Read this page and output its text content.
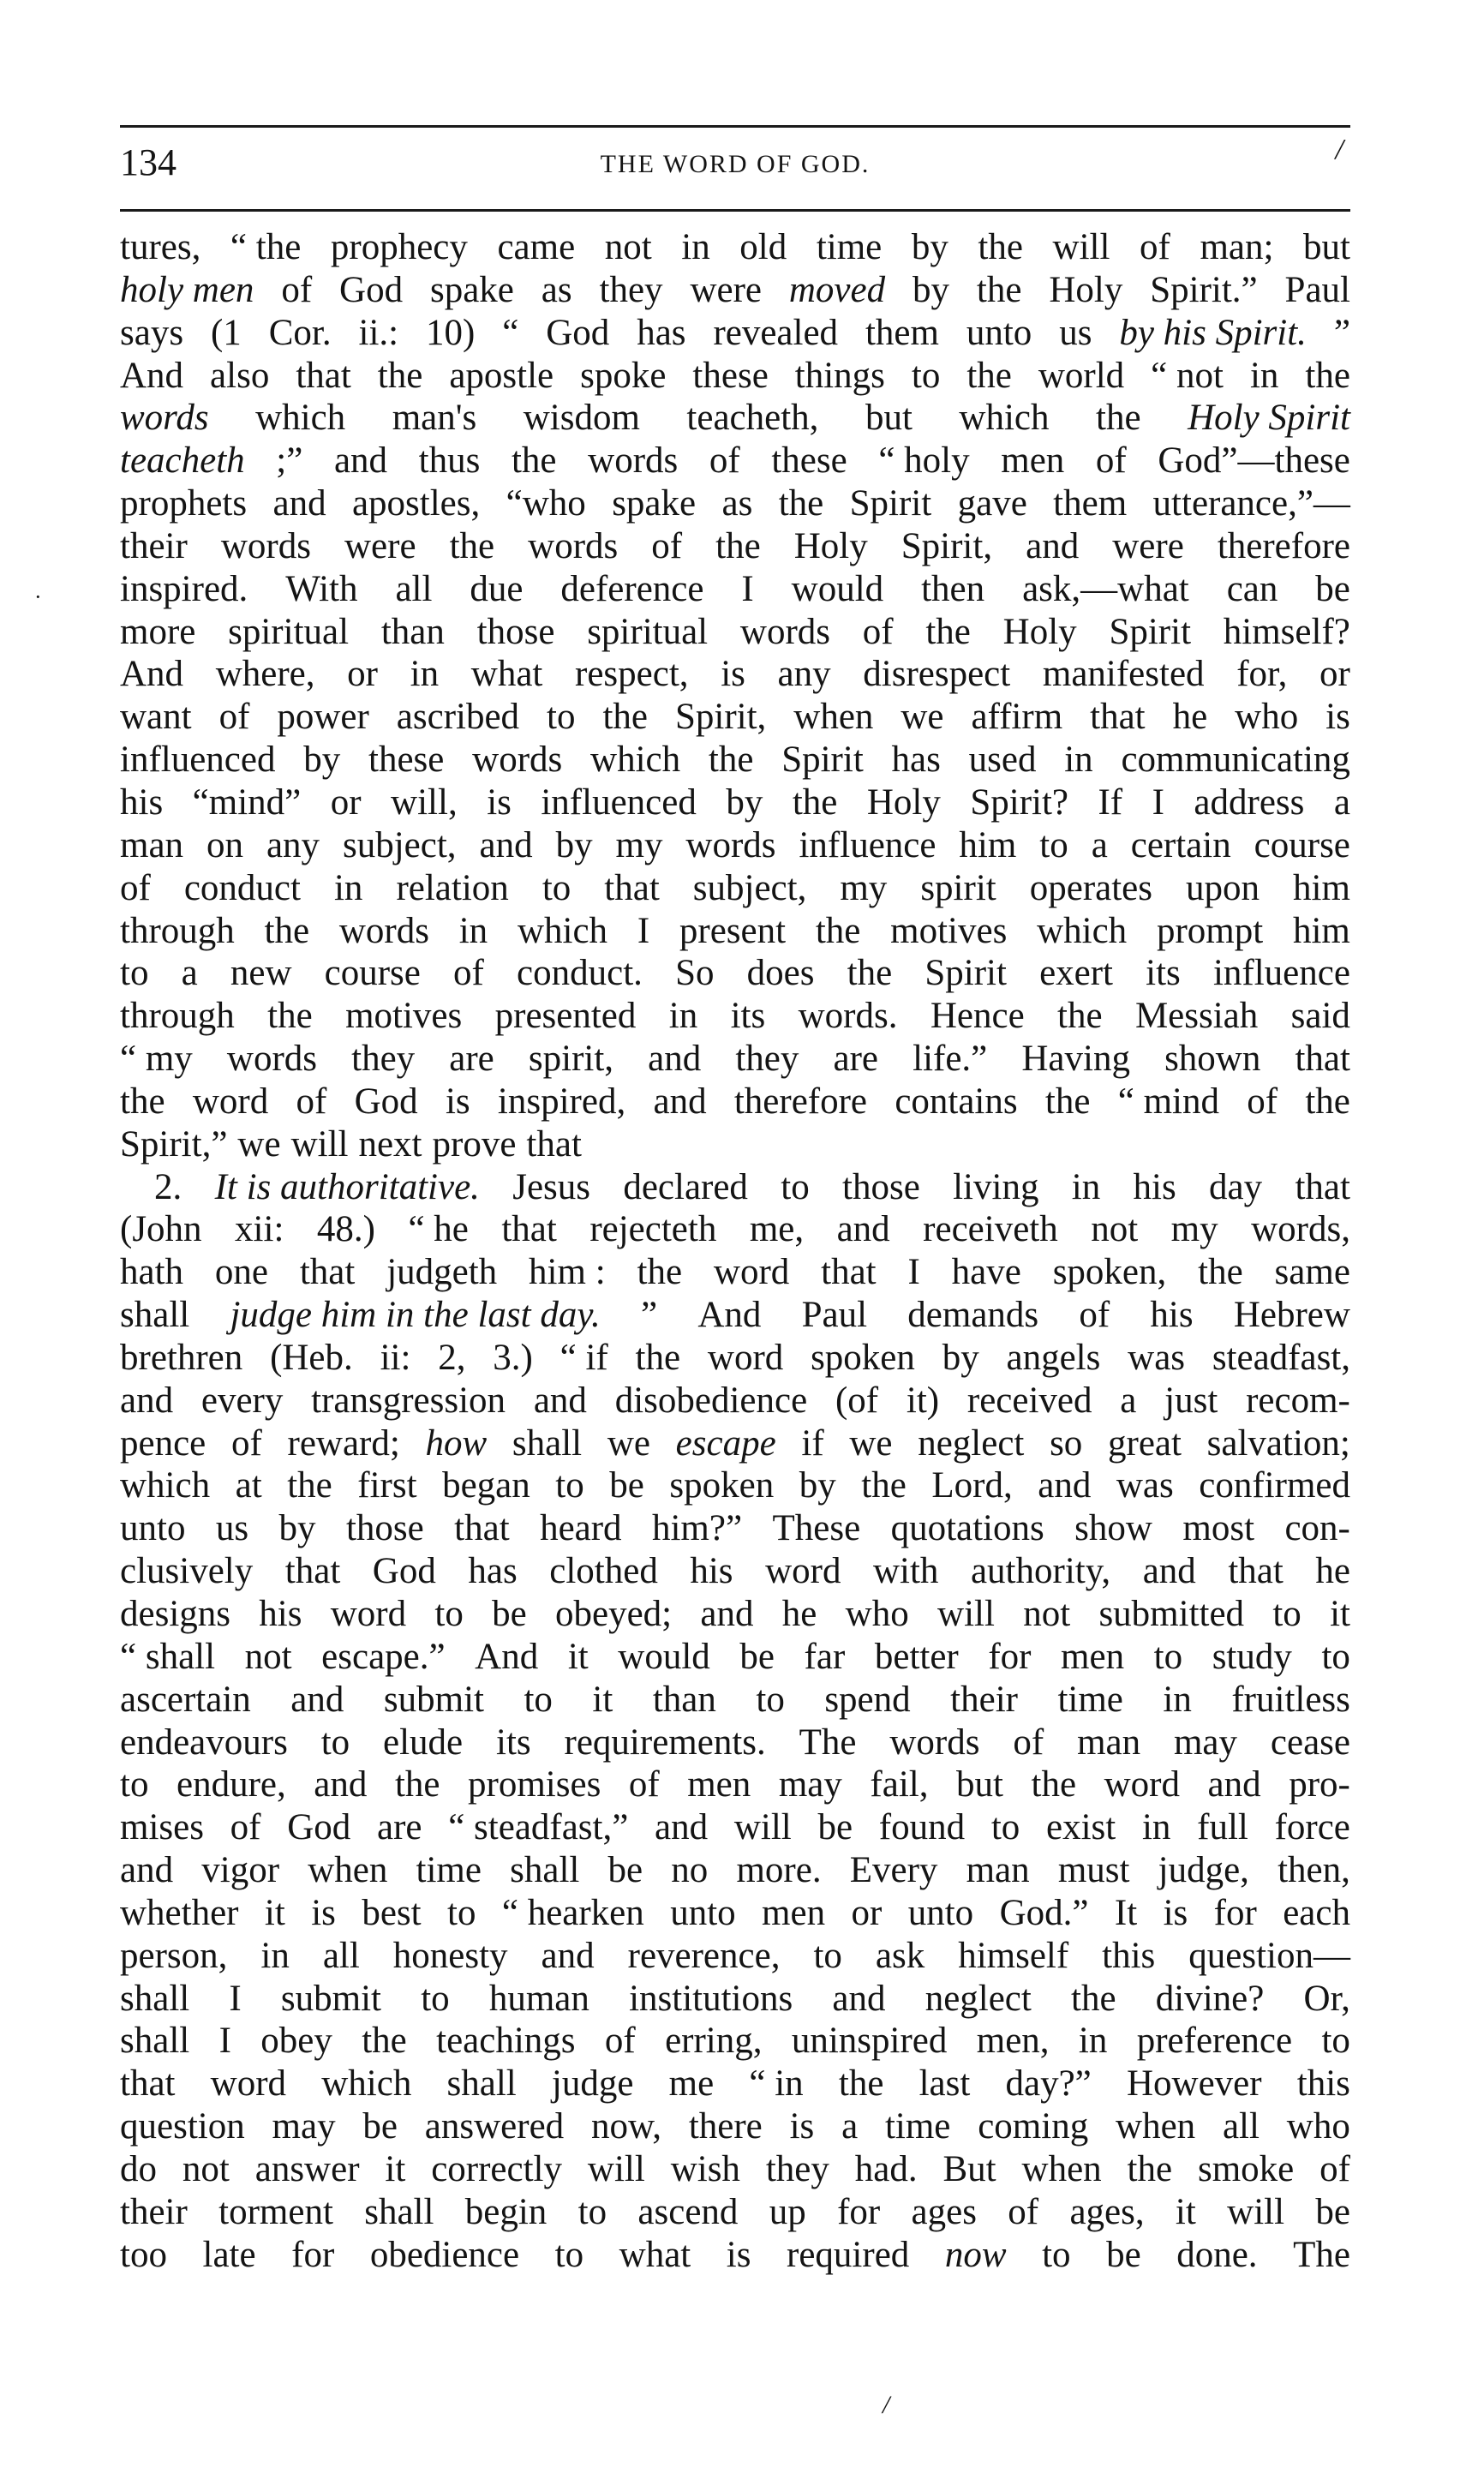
134	THE WORD OF GOD.	/
·
tures, “ the prophecy came not in old time by the will of man; but
holy men of God spake as they were moved by the Holy Spirit.” Paul
says (1 Cor. ii.: 10) “ God has revealed them unto us by his Spirit. ”
And also that the apostle spoke these things to the world “ not in the
words which man's wisdom teacheth, but which the Holy Spirit
teacheth ;” and thus the words of these “ holy men of God”—these
prophets and apostles, “who spake as the Spirit gave them utterance,”—
their words were the words of the Holy Spirit, and were therefore
inspired. With all due deference I would then ask,—what can be
more spiritual than those spiritual words of the Holy Spirit himself?
And where, or in what respect, is any disrespect manifested for, or
want of power ascribed to the Spirit, when we affirm that he who is
influenced by these words which the Spirit has used in communicating
his “mind” or will, is influenced by the Holy Spirit? If I address a
man on any subject, and by my words influence him to a certain course
of conduct in relation to that subject, my spirit operates upon him
through the words in which I present the motives which prompt him
to a new course of conduct. So does the Spirit exert its influence
through the motives presented in its words. Hence the Messiah said
“ my words they are spirit, and they are life.” Having shown that
the word of God is inspired, and therefore contains the “ mind of the
Spirit,” we will next prove that
2. It is authoritative. Jesus declared to those living in his day that
(John xii: 48.) “ he that rejecteth me, and receiveth not my words,
hath one that judgeth him : the word that I have spoken, the same
shall judge him in the last day. ” And Paul demands of his Hebrew
brethren (Heb. ii: 2, 3.) “ if the word spoken by angels was steadfast,
and every transgression and disobedience (of it) received a just recom-
pence of reward; how shall we escape if we neglect so great salvation;
which at the first began to be spoken by the Lord, and was confirmed
unto us by those that heard him?” These quotations show most con-
clusively that God has clothed his word with authority, and that he
designs his word to be obeyed; and he who will not submitted to it
“ shall not escape.” And it would be far better for men to study to
ascertain and submit to it than to spend their time in fruitless
endeavours to elude its requirements. The words of man may cease
to endure, and the promises of men may fail, but the word and pro-
mises of God are “ steadfast,” and will be found to exist in full force
and vigor when time shall be no more. Every man must judge, then,
whether it is best to “ hearken unto men or unto God.” It is for each
person, in all honesty and reverence, to ask himself this question—
shall I submit to human institutions and neglect the divine? Or,
shall I obey the teachings of erring, uninspired men, in preference to
that word which shall judge me “ in the last day?” However this
question may be answered now, there is a time coming when all who
do not answer it correctly will wish they had. But when the smoke of
their torment shall begin to ascend up for ages of ages, it will be
too late for obedience to what is required now to be done. The
/
